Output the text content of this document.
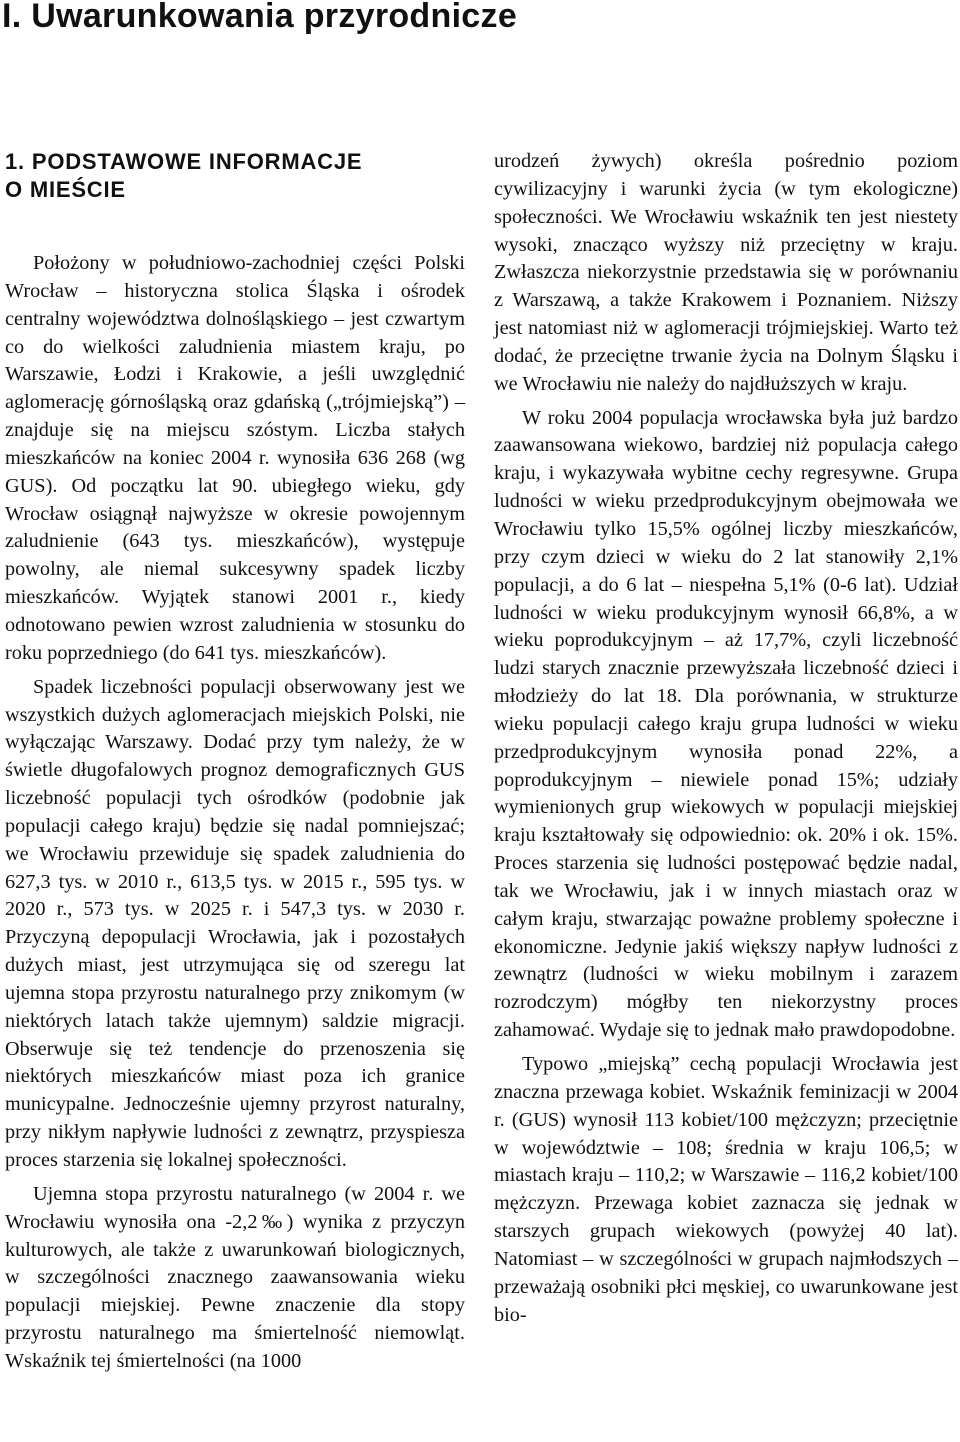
I. Uwarunkowania przyrodnicze
1. PODSTAWOWE INFORMACJE
O MIEŚCIE

Położony w południowo-zachodniej części Polski Wrocław – historyczna stolica Śląska i ośrodek centralny województwa dolnośląskiego – jest czwartym co do wielkości zaludnienia miastem kraju, po Warszawie, Łodzi i Krakowie, a jeśli uwzględnić aglomerację górnośląską oraz gdańską („trójmiejską”) – znajduje się na miejscu szóstym. Liczba stałych mieszkańców na koniec 2004 r. wynosiła 636 268 (wg GUS). Od początku lat 90. ubiegłego wieku, gdy Wrocław osiągnął najwyższe w okresie powojennym zaludnienie (643 tys. mieszkańców), występuje powolny, ale niemal sukcesywny spadek liczby mieszkańców. Wyjątek stanowi 2001 r., kiedy odnotowano pewien wzrost zaludnienia w stosunku do roku poprzedniego (do 641 tys. mieszkańców).

Spadek liczebności populacji obserwowany jest we wszystkich dużych aglomeracjach miejskich Polski, nie wyłączając Warszawy. Dodać przy tym należy, że w świetle długofalowych prognoz demograficznych GUS liczebność populacji tych ośrodków (podobnie jak populacji całego kraju) będzie się nadal pomniejszać; we Wrocławiu przewiduje się spadek zaludnienia do 627,3 tys. w 2010 r., 613,5 tys. w 2015 r., 595 tys. w 2020 r., 573 tys. w 2025 r. i 547,3 tys. w 2030 r. Przyczyną depopulacji Wrocławia, jak i pozostałych dużych miast, jest utrzymująca się od szeregu lat ujemna stopa przyrostu naturalnego przy znikomym (w niektórych latach także ujemnym) saldzie migracji. Obserwuje się też tendencje do przenoszenia się niektórych mieszkańców miast poza ich granice municypalne. Jednocześnie ujemny przyrost naturalny, przy nikłym napływie ludności z zewnątrz, przyspiesza proces starzenia się lokalnej społeczności.

Ujemna stopa przyrostu naturalnego (w 2004 r. we Wrocławiu wynosiła ona -2,2‰) wynika z przyczyn kulturowych, ale także z uwarunkowań biologicznych, w szczególności znacznego zaawansowania wieku populacji miejskiej. Pewne znaczenie dla stopy przyrostu naturalnego ma śmiertelność niemowląt. Wskaźnik tej śmiertelności (na 1000

urodzeń żywych) określa pośrednio poziom cywilizacyjny i warunki życia (w tym ekologiczne) społeczności. We Wrocławiu wskaźnik ten jest niestety wysoki, znacząco wyższy niż przeciętny w kraju. Zwłaszcza niekorzystnie przedstawia się w porównaniu z Warszawą, a także Krakowem i Poznaniem. Niższy jest natomiast niż w aglomeracji trójmiejskiej. Warto też dodać, że przeciętne trwanie życia na Dolnym Śląsku i we Wrocławiu nie należy do najdłuższych w kraju.

W roku 2004 populacja wrocławska była już bardzo zaawansowana wiekowo, bardziej niż populacja całego kraju, i wykazywała wybitne cechy regresywne. Grupa ludności w wieku przedprodukcyjnym obejmowała we Wrocławiu tylko 15,5% ogólnej liczby mieszkańców, przy czym dzieci w wieku do 2 lat stanowiły 2,1% populacji, a do 6 lat – niespełna 5,1% (0-6 lat). Udział ludności w wieku produkcyjnym wynosił 66,8%, a w wieku poprodukcyjnym – aż 17,7%, czyli liczebność ludzi starych znacznie przewyższała liczebność dzieci i młodzieży do lat 18. Dla porównania, w strukturze wieku populacji całego kraju grupa ludności w wieku przedprodukcyjnym wynosiła ponad 22%, a poprodukcyjnym – niewiele ponad 15%; udziały wymienionych grup wiekowych w populacji miejskiej kraju kształtowały się odpowiednio: ok. 20% i ok. 15%. Proces starzenia się ludności postępować będzie nadal, tak we Wrocławiu, jak i w innych miastach oraz w całym kraju, stwarzając poważne problemy społeczne i ekonomiczne. Jedynie jakiś większy napływ ludności z zewnątrz (ludności w wieku mobilnym i zarazem rozrodczym) mógłby ten niekorzystny proces zahamować. Wydaje się to jednak mało prawdopodobne.

Typowo „miejską” cechą populacji Wrocławia jest znaczna przewaga kobiet. Wskaźnik feminizacji w 2004 r. (GUS) wynosił 113 kobiet/100 mężczyzn; przeciętnie w województwie – 108; średnia w kraju 106,5; w miastach kraju – 110,2; w Warszawie – 116,2 kobiet/100 mężczyzn. Przewaga kobiet zaznacza się jednak w starszych grupach wiekowych (powyżej 40 lat). Natomiast – w szczególności w grupach najmłodszych – przeważają osobniki płci męskiej, co uwarunkowane jest bio-
